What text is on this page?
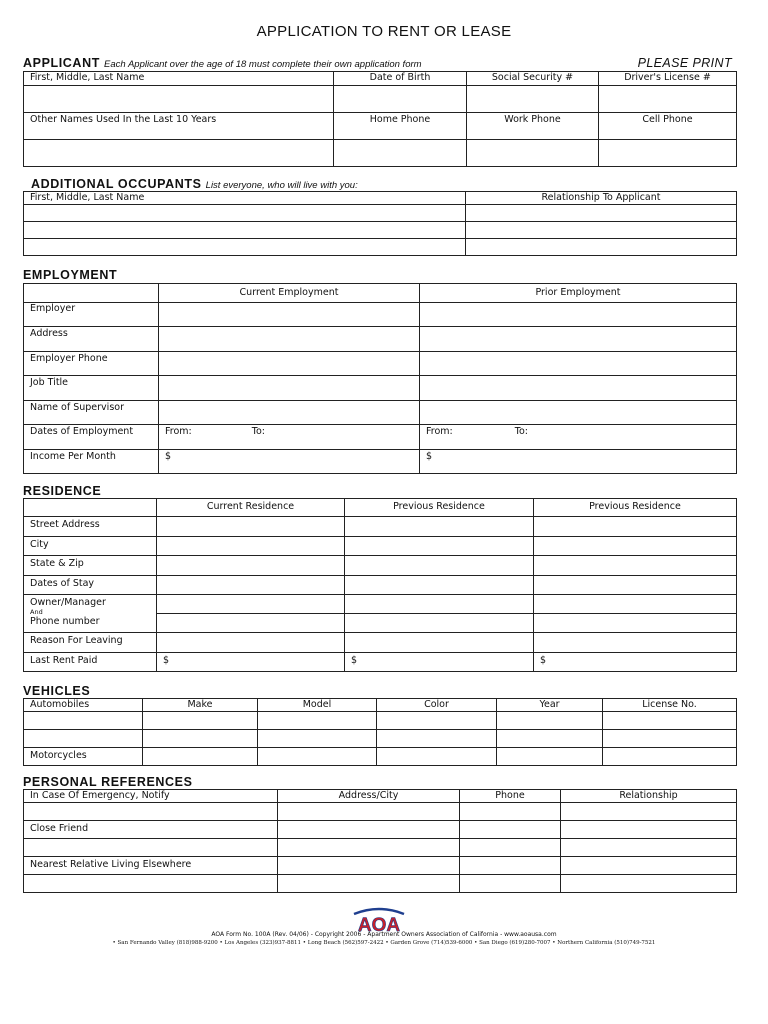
APPLICATION TO RENT OR LEASE
APPLICANT Each Applicant over the age of 18 must complete their own application form	PLEASE PRINT
First, Middle, Last Name	Date of Birth	Social Security #	Driver's License #

Other Names Used In the Last 10 Years	Home Phone	Work Phone	Cell Phone

ADDITIONAL OCCUPANTS List everyone, who will live with you:
First, Middle, Last Name	Relationship To Applicant

EMPLOYMENT
	Current Employment	Prior Employment
Employer		
Address		
Employer Phone		
Job Title		
Name of Supervisor		
Dates of Employment	From: To:	From: To:
Income Per Month	$	$
RESIDENCE
	Current Residence	Previous Residence	Previous Residence
Street Address			
City			
State & Zip			
Dates of Stay			
Owner/Manager
And
Phone number			

Reason For Leaving			
Last Rent Paid	$	$	$
VEHICLES
Automobiles	Make	Model	Color	Year	License No.

Motorcycles					
PERSONAL REFERENCES
In Case Of Emergency, Notify	Address/City	Phone	Relationship

Close Friend			

Nearest Relative Living Elsewhere			

AOA
AOA Form No. 100A (Rev. 04/06) - Copyright 2006 - Apartment Owners Association of California - www.aoausa.com
• San Fernando Valley (818)988-9200 • Los Angeles (323)937-8811 • Long Beach (562)597-2422 • Garden Grove (714)539-6000 • San Diego (619)280-7007 • Northern California (510)749-7521
